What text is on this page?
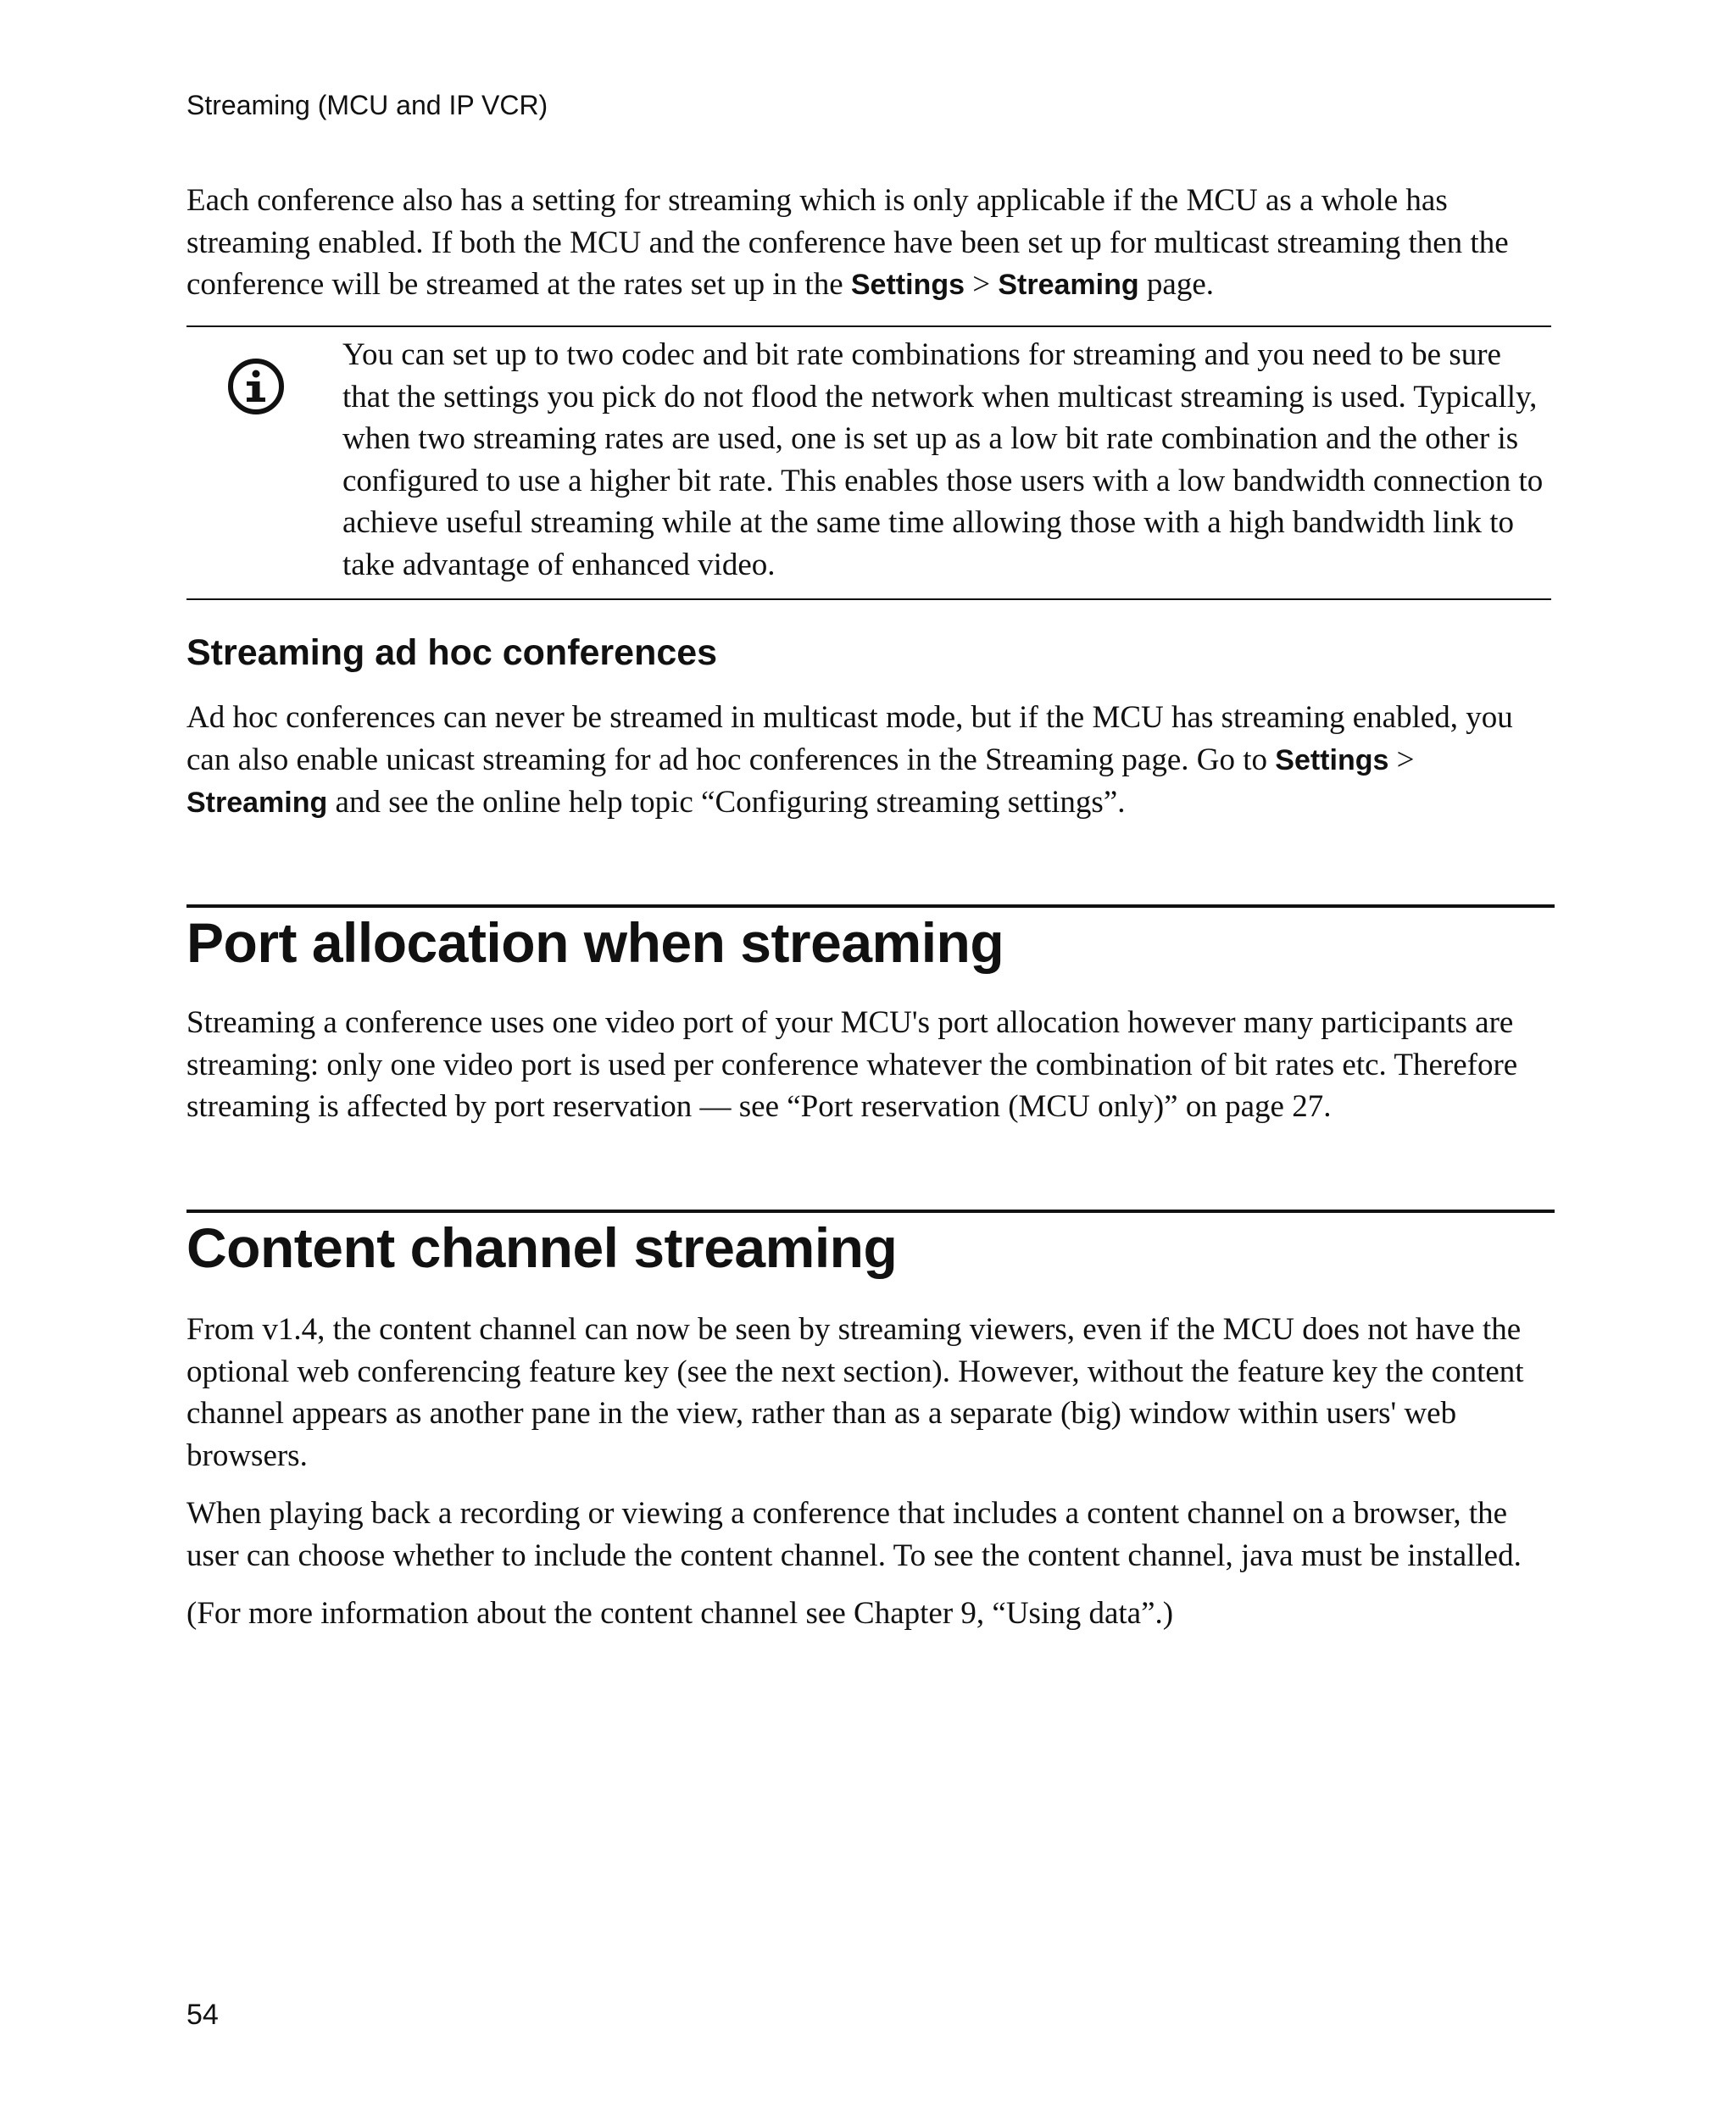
Streaming (MCU and IP VCR)

Each conference also has a setting for streaming which is only applicable if the MCU as a whole has streaming enabled. If both the MCU and the conference have been set up for multicast streaming then the conference will be streamed at the rates set up in the Settings > Streaming page.

You can set up to two codec and bit rate combinations for streaming and you need to be sure that the settings you pick do not flood the network when multicast streaming is used. Typically, when two streaming rates are used, one is set up as a low bit rate combination and the other is configured to use a higher bit rate. This enables those users with a low bandwidth connection to achieve useful streaming while at the same time allowing those with a high bandwidth link to take advantage of enhanced video.

Streaming ad hoc conferences

Ad hoc conferences can never be streamed in multicast mode, but if the MCU has streaming enabled, you can also enable unicast streaming for ad hoc conferences in the Streaming page. Go to Settings > Streaming and see the online help topic “Configuring streaming settings”.

Port allocation when streaming

Streaming a conference uses one video port of your MCU's port allocation however many participants are streaming: only one video port is used per conference whatever the combination of bit rates etc. Therefore streaming is affected by port reservation — see “Port reservation (MCU only)” on page 27.

Content channel streaming

From v1.4, the content channel can now be seen by streaming viewers, even if the MCU does not have the optional web conferencing feature key (see the next section). However, without the feature key the content channel appears as another pane in the view, rather than as a separate (big) window within users' web browsers.

When playing back a recording or viewing a conference that includes a content channel on a browser, the user can choose whether to include the content channel. To see the content channel, java must be installed.

(For more information about the content channel see Chapter 9, “Using data”.)

54
